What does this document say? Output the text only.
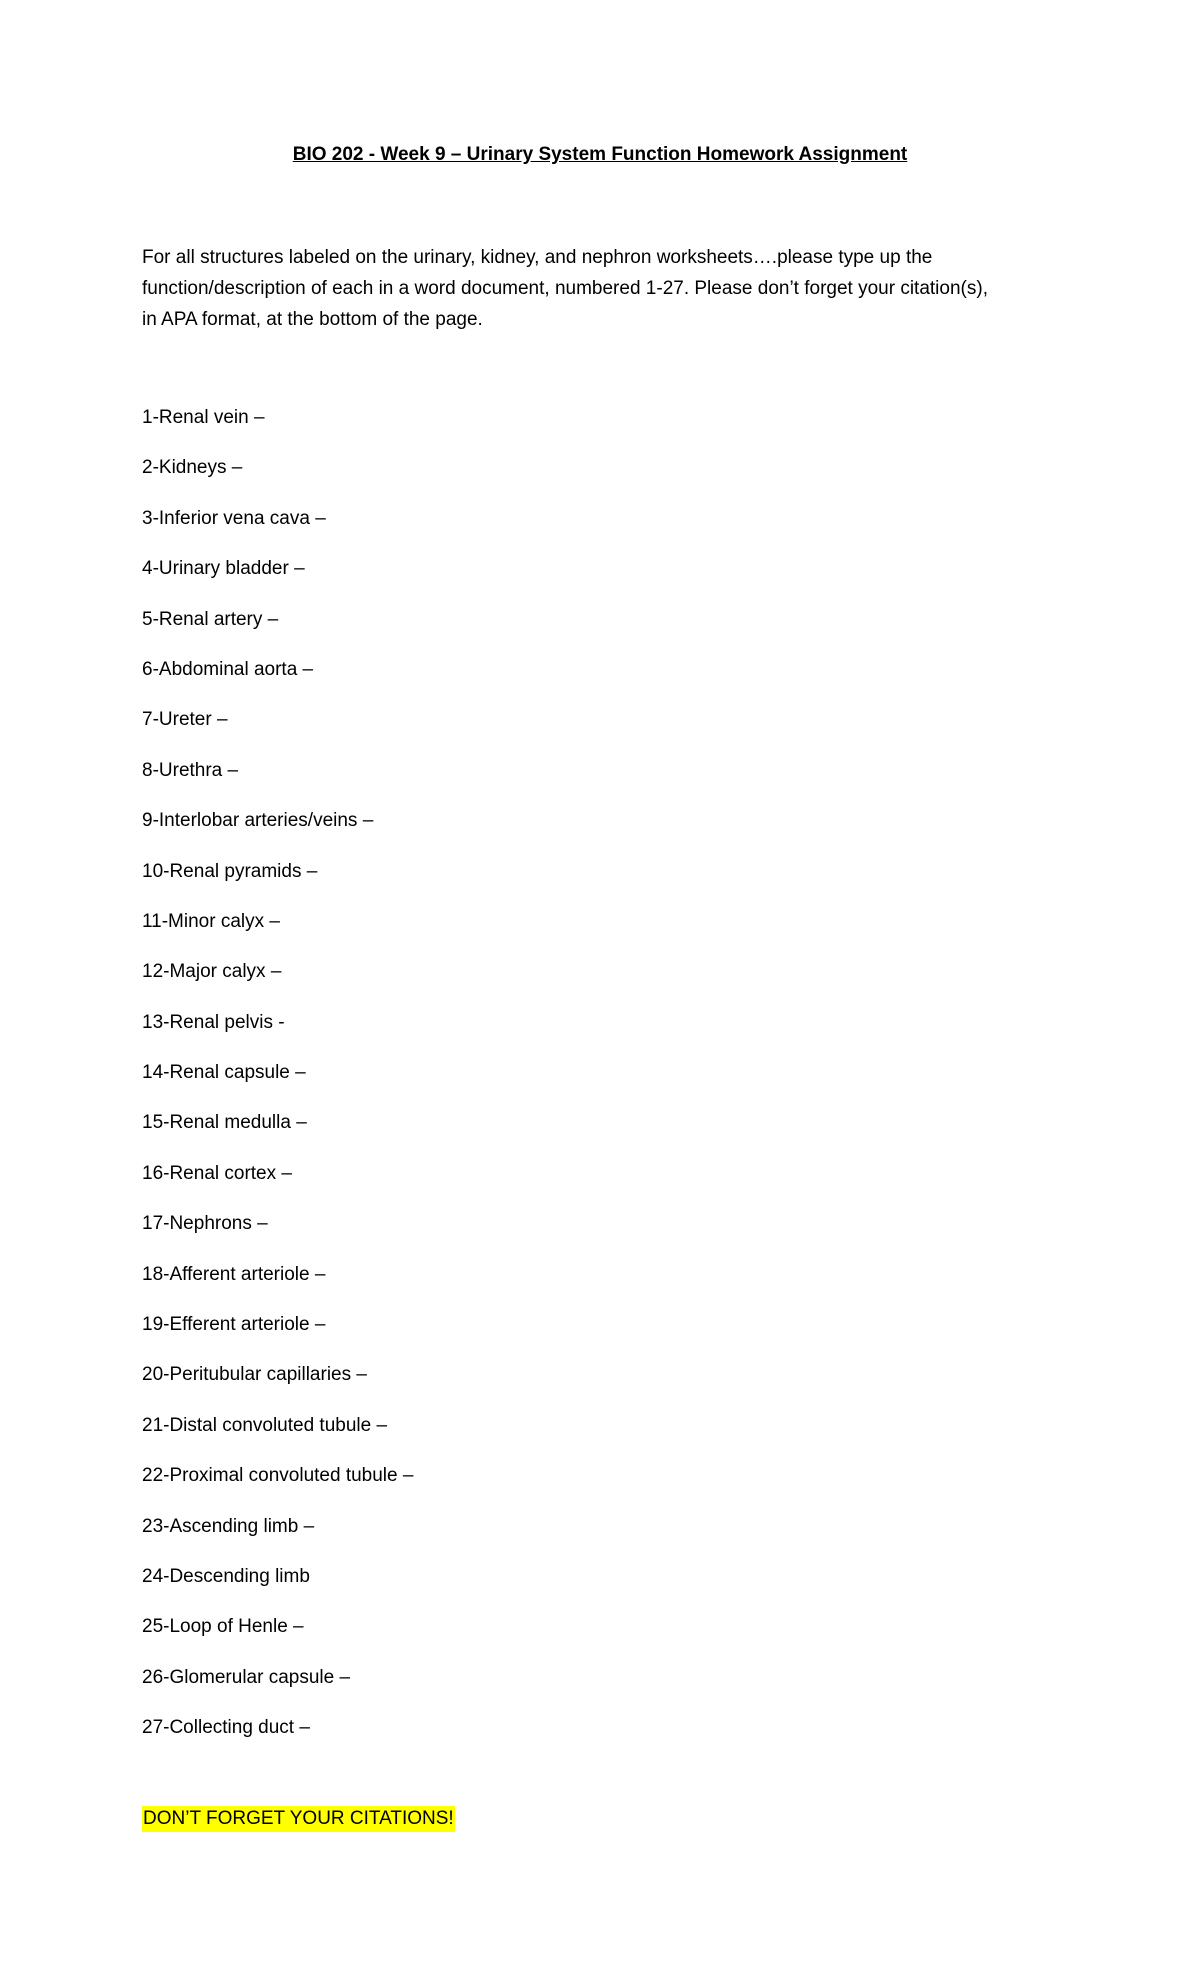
BIO 202 - Week 9 – Urinary System Function Homework Assignment
For all structures labeled on the urinary, kidney, and nephron worksheets….please type up the
function/description of each in a word document, numbered 1-27. Please don’t forget your citation(s),
in APA format, at the bottom of the page.
1-Renal vein –
2-Kidneys –
3-Inferior vena cava –
4-Urinary bladder –
5-Renal artery –
6-Abdominal aorta –
7-Ureter –
8-Urethra –
9-Interlobar arteries/veins –
10-Renal pyramids –
11-Minor calyx –
12-Major calyx –
13-Renal pelvis -
14-Renal capsule –
15-Renal medulla –
16-Renal cortex –
17-Nephrons –
18-Afferent arteriole –
19-Efferent arteriole –
20-Peritubular capillaries –
21-Distal convoluted tubule –
22-Proximal convoluted tubule –
23-Ascending limb –
24-Descending limb
25-Loop of Henle –
26-Glomerular capsule –
27-Collecting duct –
DON’T FORGET YOUR CITATIONS!
